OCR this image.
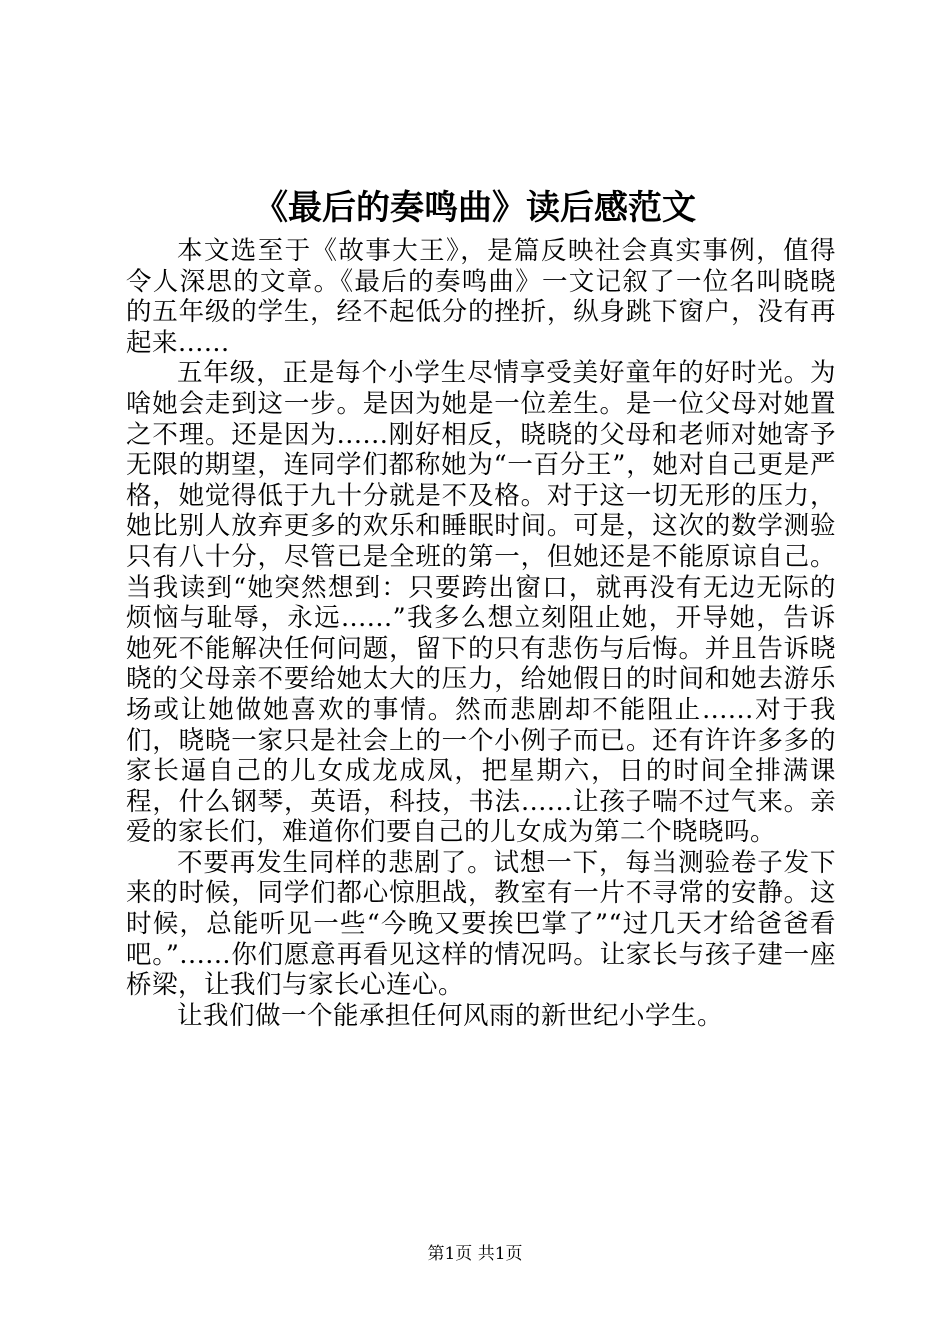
《最后的奏鸣曲》读后感范文

本文选至于《故事大王》，是篇反映社会真实事例，值得令人深思的文章。《最后的奏鸣曲》一文记叙了一位名叫晓晓的五年级的学生，经不起低分的挫折，纵身跳下窗户，没有再起来......

五年级，正是每个小学生尽情享受美好童年的好时光。为啥她会走到这一步。是因为她是一位差生。是一位父母对她置之不理。还是因为......刚好相反，晓晓的父母和老师对她寄予无限的期望，连同学们都称她为“一百分王”，她对自己更是严格，她觉得低于九十分就是不及格。对于这一切无形的压力，她比别人放弃更多的欢乐和睡眠时间。可是，这次的数学测验只有八十分，尽管已是全班的第一，但她还是不能原谅自己。当我读到“她突然想到：只要跨出窗口，就再没有无边无际的烦恼与耻辱，永远......”我多么想立刻阻止她，开导她，告诉她死不能解决任何问题，留下的只有悲伤与后悔。并且告诉晓晓的父母亲不要给她太大的压力，给她假日的时间和她去游乐场或让她做她喜欢的事情。然而悲剧却不能阻止......对于我们，晓晓一家只是社会上的一个小例子而已。还有许许多多的家长逼自己的儿女成龙成凤，把星期六，日的时间全排满课程，什么钢琴，英语，科技，书法......让孩子喘不过气来。亲爱的家长们，难道你们要自己的儿女成为第二个晓晓吗。

不要再发生同样的悲剧了。试想一下，每当测验卷子发下来的时候，同学们都心惊胆战，教室有一片不寻常的安静。这时候，总能听见一些“今晚又要挨巴掌了”“过几天才给爸爸看吧。”......你们愿意再看见这样的情况吗。让家长与孩子建一座桥梁，让我们与家长心连心。

让我们做一个能承担任何风雨的新世纪小学生。

第1页 共1页
